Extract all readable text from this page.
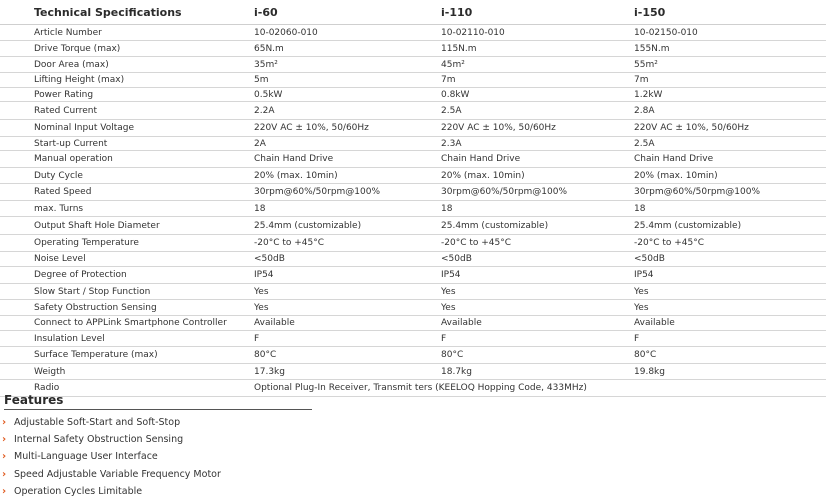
Technical Specifications	i-60	i-110	i-150
Article Number	10-02060-010	10-02110-010	10-02150-010
Drive Torque (max)	65N.m	115N.m	155N.m
Door Area (max)	35m²	45m²	55m²
Lifting Height (max)	5m	7m	7m
Power Rating	0.5kW	0.8kW	1.2kW
Rated Current	2.2A	2.5A	2.8A
Nominal Input Voltage	220V AC ± 10%, 50/60Hz	220V AC ± 10%, 50/60Hz	220V AC ± 10%, 50/60Hz
Start-up Current	2A	2.3A	2.5A
Manual operation	Chain Hand Drive	Chain Hand Drive	Chain Hand Drive
Duty Cycle	20% (max. 10min)	20% (max. 10min)	20% (max. 10min)
Rated Speed	30rpm@60%/50rpm@100%	30rpm@60%/50rpm@100%	30rpm@60%/50rpm@100%
max. Turns	18	18	18
Output Shaft Hole Diameter	25.4mm (customizable)	25.4mm (customizable)	25.4mm (customizable)
Operating Temperature	-20°C to +45°C	-20°C to +45°C	-20°C to +45°C
Noise Level	<50dB	<50dB	<50dB
Degree of Protection	IP54	IP54	IP54
Slow Start / Stop Function	Yes	Yes	Yes
Safety Obstruction Sensing	Yes	Yes	Yes
Connect to APPLink Smartphone Controller	Available	Available	Available
Insulation Level	F	F	F
Surface Temperature (max)	80°C	80°C	80°C
Weigth	17.3kg	18.7kg	19.8kg
Radio	Optional Plug-In Receiver, Transmit ters (KEELOQ Hopping Code, 433MHz)
Features
› Adjustable Soft-Start and Soft-Stop
› Internal Safety Obstruction Sensing
› Multi-Language User Interface
› Speed Adjustable Variable Frequency Motor
› Operation Cycles Limitable
